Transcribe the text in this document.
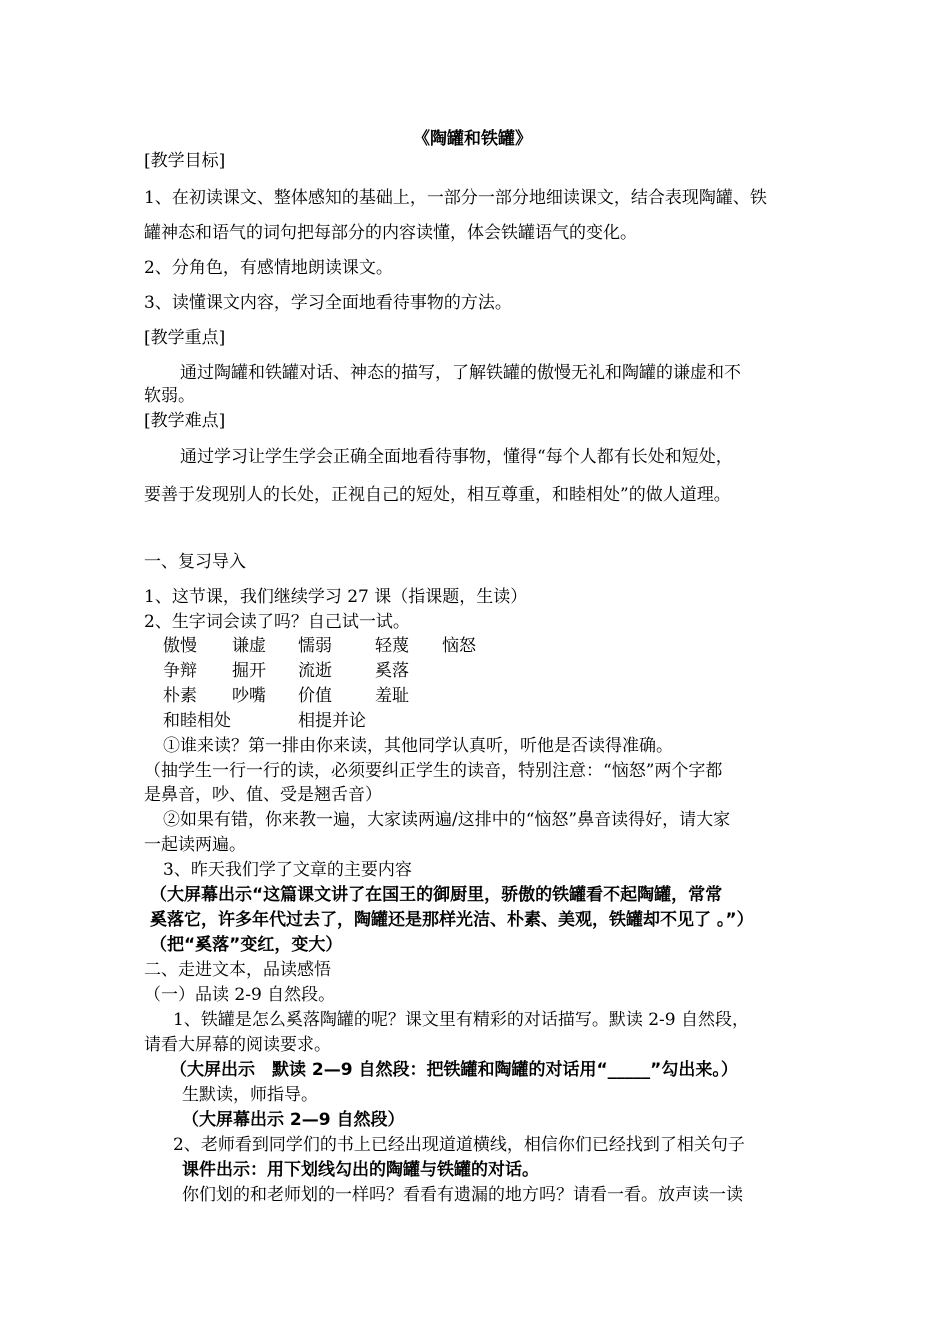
《陶罐和铁罐》
[教学目标]
1、在初读课文、整体感知的基础上，一部分一部分地细读课文，结合表现陶罐、铁
罐神态和语气的词句把每部分的内容读懂，体会铁罐语气的变化。
2、分角色，有感情地朗读课文。
3、读懂课文内容，学习全面地看待事物的方法。
[教学重点]
通过陶罐和铁罐对话、神态的描写，了解铁罐的傲慢无礼和陶罐的谦虚和不
软弱。
[教学难点]
通过学习让学生学会正确全面地看待事物，懂得“每个人都有长处和短处，
要善于发现别人的长处，正视自己的短处，相互尊重，和睦相处”的做人道理。
一、复习导入
1、这节课，我们继续学习 27 课（指课题，生读）
2、生字词会读了吗？自己试一试。
傲慢 谦虚 懦弱	轻蔑 恼怒
争辩 掘开 流逝	奚落
朴素 吵嘴 价值	羞耻
和睦相处	相提并论
①谁来读？第一排由你来读，其他同学认真听，听他是否读得准确。
（抽学生一行一行的读，必须要纠正学生的读音，特别注意：“恼怒”两个字都
是鼻音，吵、值、受是翘舌音）
②如果有错，你来教一遍，大家读两遍/这排中的“恼怒”鼻音读得好，请大家
一起读两遍。
3、昨天我们学了文章的主要内容
（大屏幕出示“这篇课文讲了在国王的御厨里，骄傲的铁罐看不起陶罐，常常
奚落它，许多年代过去了，陶罐还是那样光洁、朴素、美观，铁罐却不见了 。”）
（把“奚落”变红，变大）
二、走进文本，品读感悟
（一）品读 2-9 自然段。
1、铁罐是怎么奚落陶罐的呢？课文里有精彩的对话描写。默读 2-9 自然段，
请看大屏幕的阅读要求。
（大屏出示　默读 2—9 自然段：把铁罐和陶罐的对话用“_____”勾出来。）
生默读，师指导。
（大屏幕出示 2—9 自然段）
2、老师看到同学们的书上已经出现道道横线，相信你们已经找到了相关句子
课件出示：用下划线勾出的陶罐与铁罐的对话。
你们划的和老师划的一样吗？看看有遗漏的地方吗？请看一看。放声读一读
